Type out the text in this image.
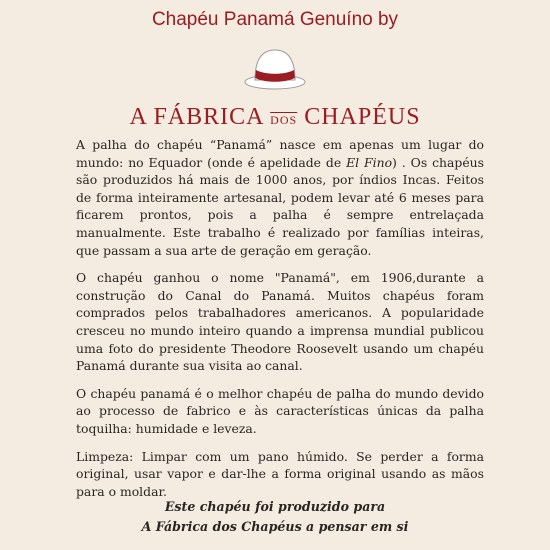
Chapéu Panamá Genuíno by
A FÁBRICA $\overline{DOS}$ CHAPÉUS

A palha do chapéu “Panamá” nasce em apenas um lugar do mundo: no Equador (onde é apelidade de El Fino) . Os chapéus são produzidos há mais de 1000 anos, por índios Incas. Feitos de forma inteiramente artesanal, podem levar até 6 meses para ficarem prontos, pois a palha é sempre entrelaçada manualmente. Este trabalho é realizado por famílias inteiras, que passam a sua arte de geração em geração.

O chapéu ganhou o nome "Panamá", em 1906,durante a construção do Canal do Panamá. Muitos chapéus foram comprados pelos trabalhadores americanos. A popularidade cresceu no mundo inteiro quando a imprensa mundial publicou uma foto do presidente Theodore Roosevelt usando um chapéu Panamá durante sua visita ao canal.

O chapéu panamá é o melhor chapéu de palha do mundo devido ao processo de fabrico e às características únicas da palha toquilha: humidade e leveza.

Limpeza: Limpar com um pano húmido. Se perder a forma original, usar vapor e dar-lhe a forma original usando as mãos para o moldar.

Este chapéu foi produzido para
A Fábrica dos Chapéus a pensar em si
